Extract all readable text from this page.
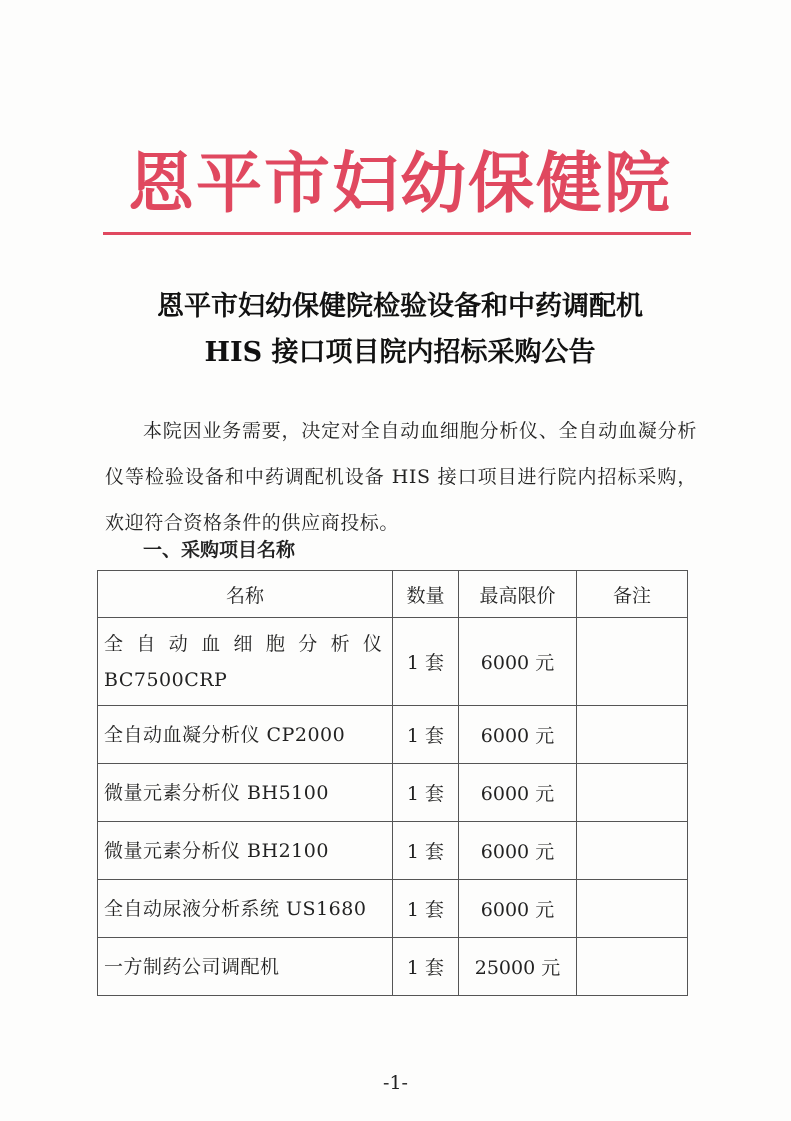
恩平市妇幼保健院
恩平市妇幼保健院检验设备和中药调配机
HIS 接口项目院内招标采购公告
本院因业务需要，决定对全自动血细胞分析仪、全自动血凝分析仪等检验设备和中药调配机设备 HIS 接口项目进行院内招标采购，欢迎符合资格条件的供应商投标。
一、采购项目名称
名称	数量	最高限价	备注

全自动血细胞分析仪
BC7500CRP	1 套	6000 元	
全自动血凝分析仪 CP2000	1 套	6000 元	
微量元素分析仪 BH5100	1 套	6000 元	
微量元素分析仪 BH2100	1 套	6000 元	
全自动尿液分析系统 US1680	1 套	6000 元	
一方制药公司调配机	1 套	25000 元	
-1-
